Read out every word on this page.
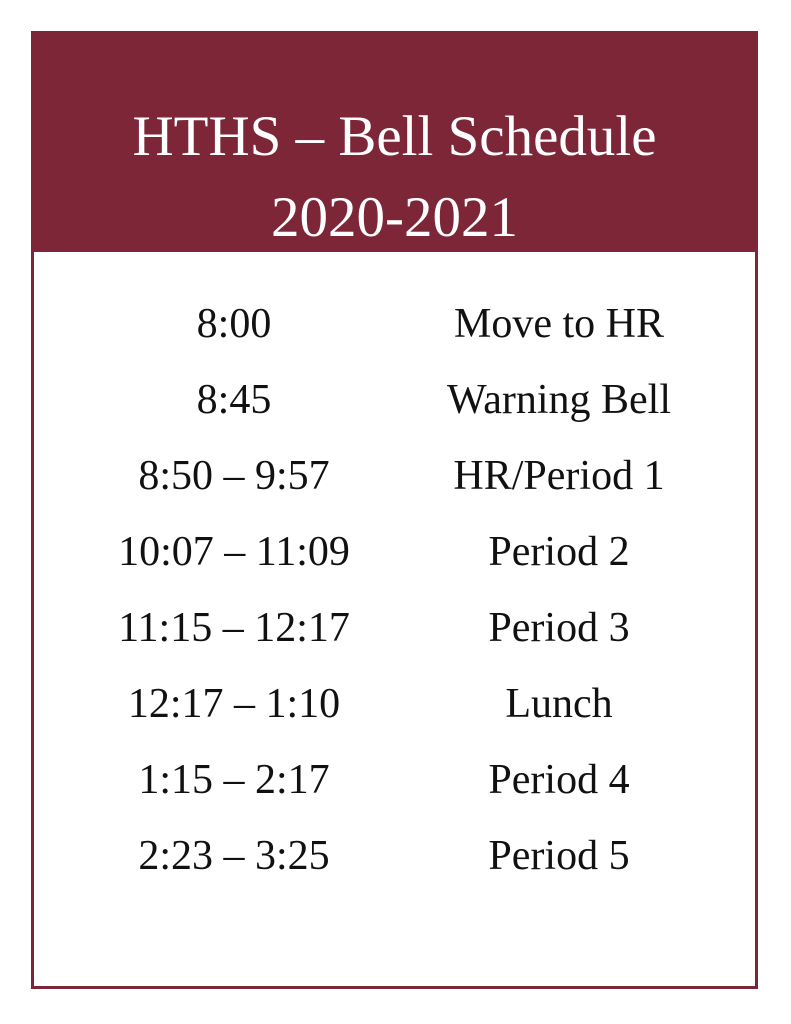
HTHS – Bell Schedule
2020-2021
8:00	Move to HR
8:45	Warning Bell
8:50 – 9:57	HR/Period 1
10:07 – 11:09	Period 2
11:15 – 12:17	Period 3
12:17 – 1:10	Lunch
1:15 – 2:17	Period 4
2:23 – 3:25	Period 5
